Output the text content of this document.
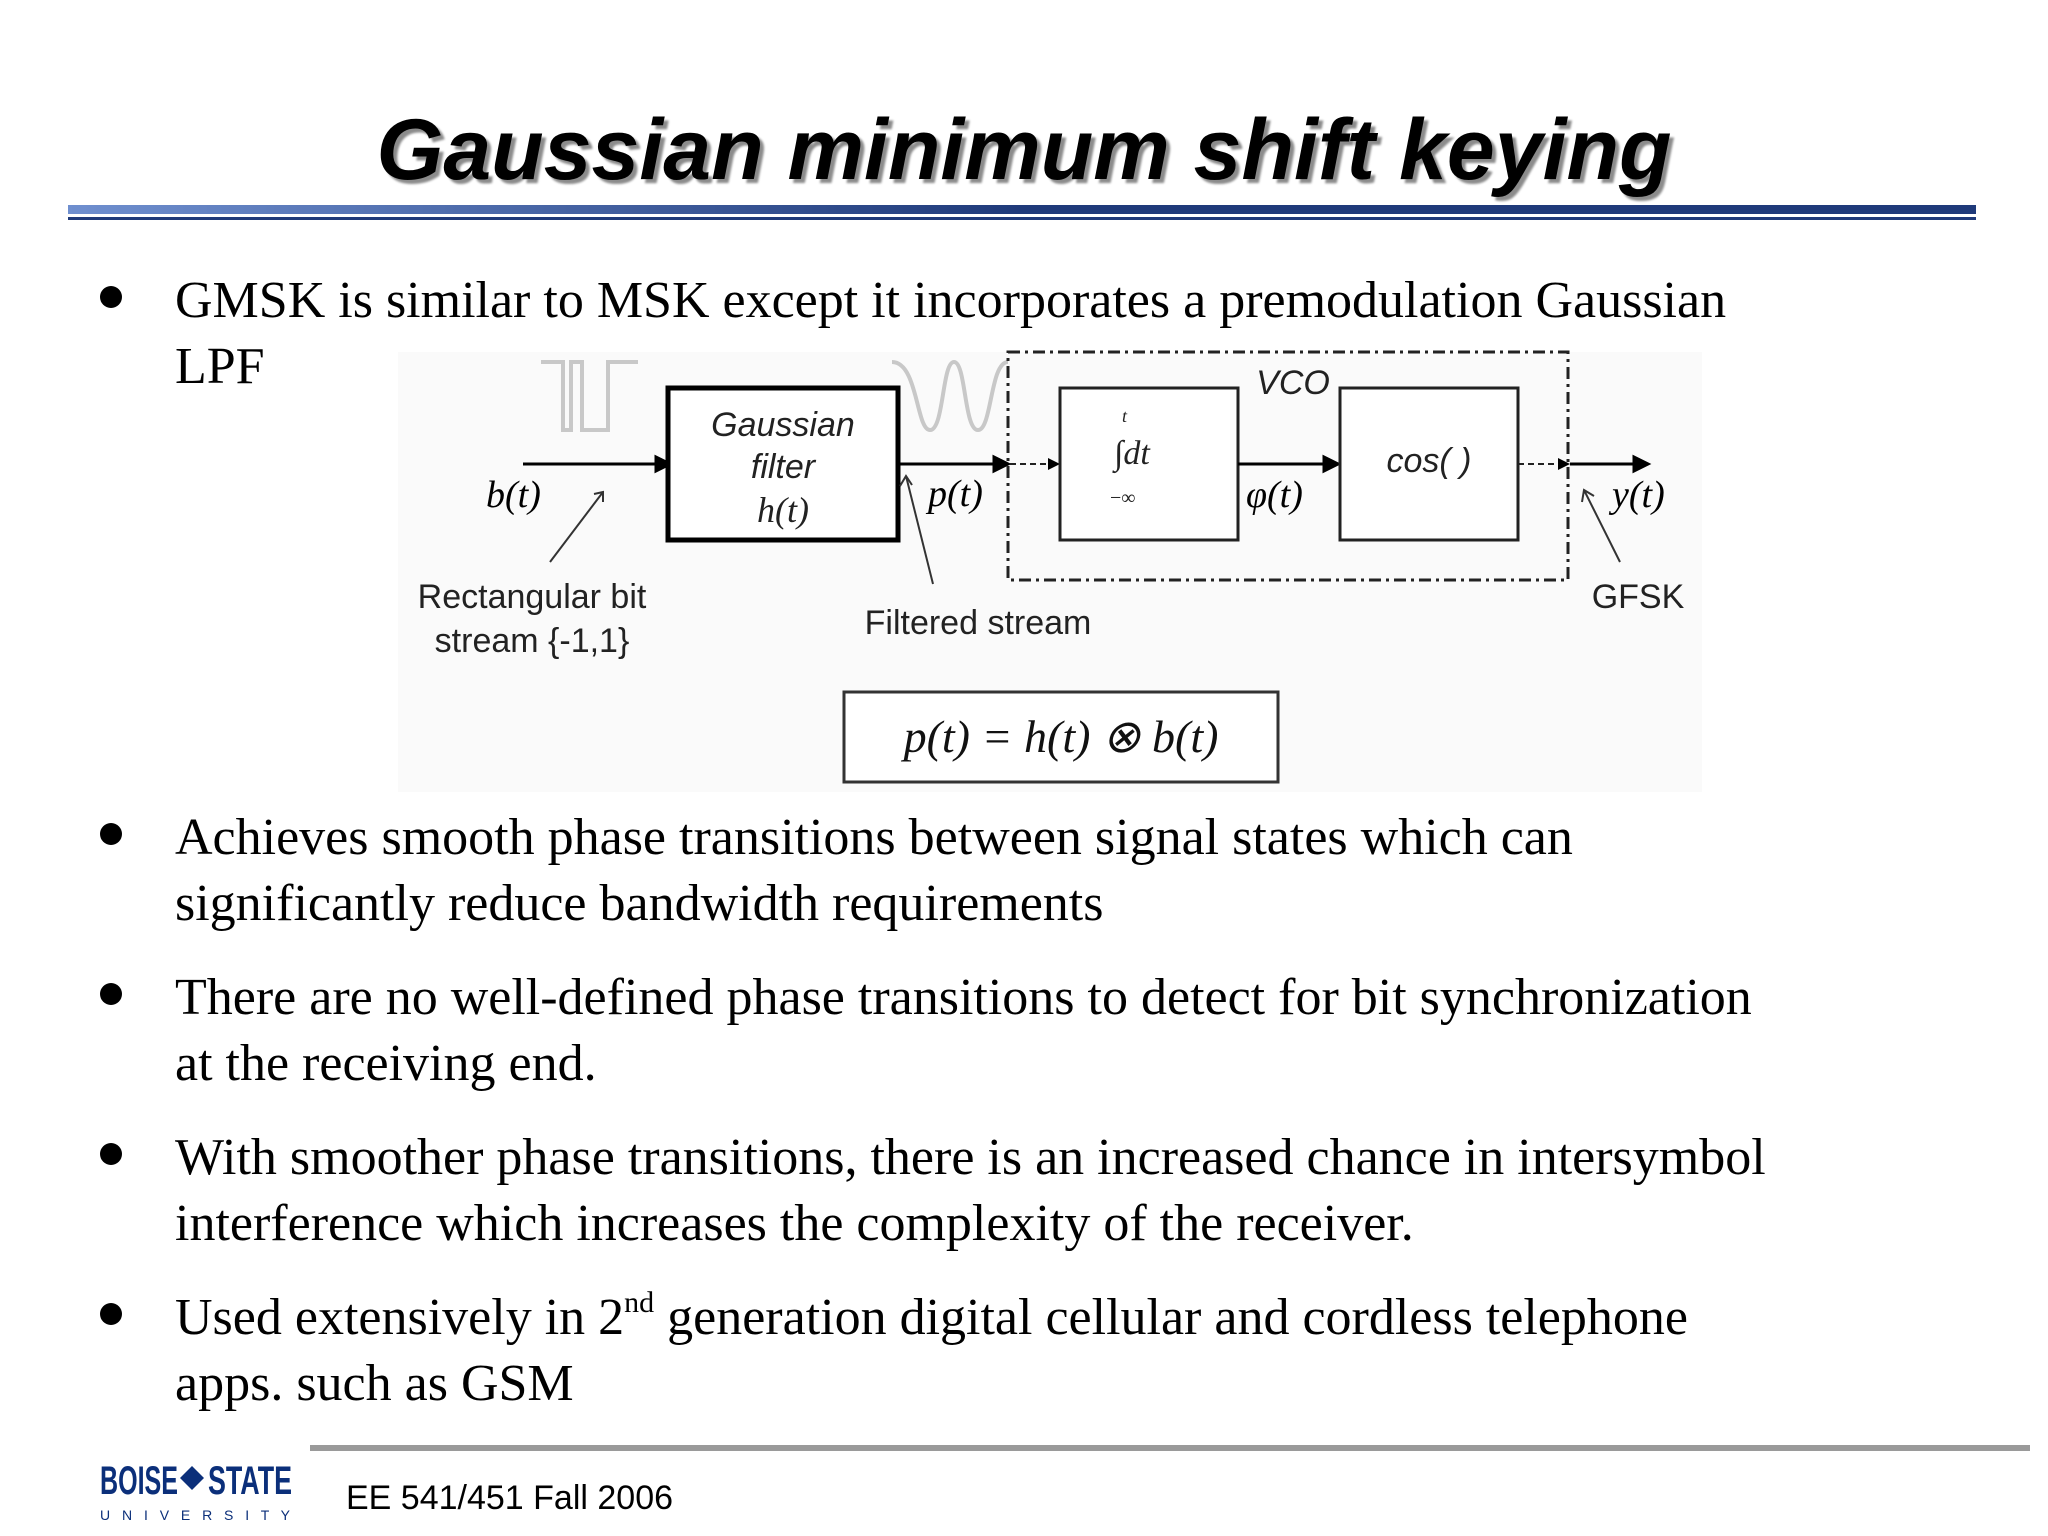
Gaussian minimum shift keying
GMSK is similar to MSK except it incorporates a premodulation Gaussian
LPF
b(t)
Rectangular bit
stream {-1,1}
Gaussian
filter
h(t)	p(t)
Filtered stream
VCO
t
∫dt
−∞	φ(t)
cos( )
y(t)
GFSK
p(t) = h(t) ⊗ b(t)
Achieves smooth phase transitions between signal states which can
significantly reduce bandwidth requirements
There are no well-defined phase transitions to detect for bit synchronization
at the receiving end.
With smoother phase transitions, there is an increased chance in intersymbol
interference which increases the complexity of the receiver.
Used extensively in 2nd generation digital cellular and cordless telephone
apps. such as GSM
BOISE STATE
U N I V E R S I T Y EE 541/451 Fall 2006
